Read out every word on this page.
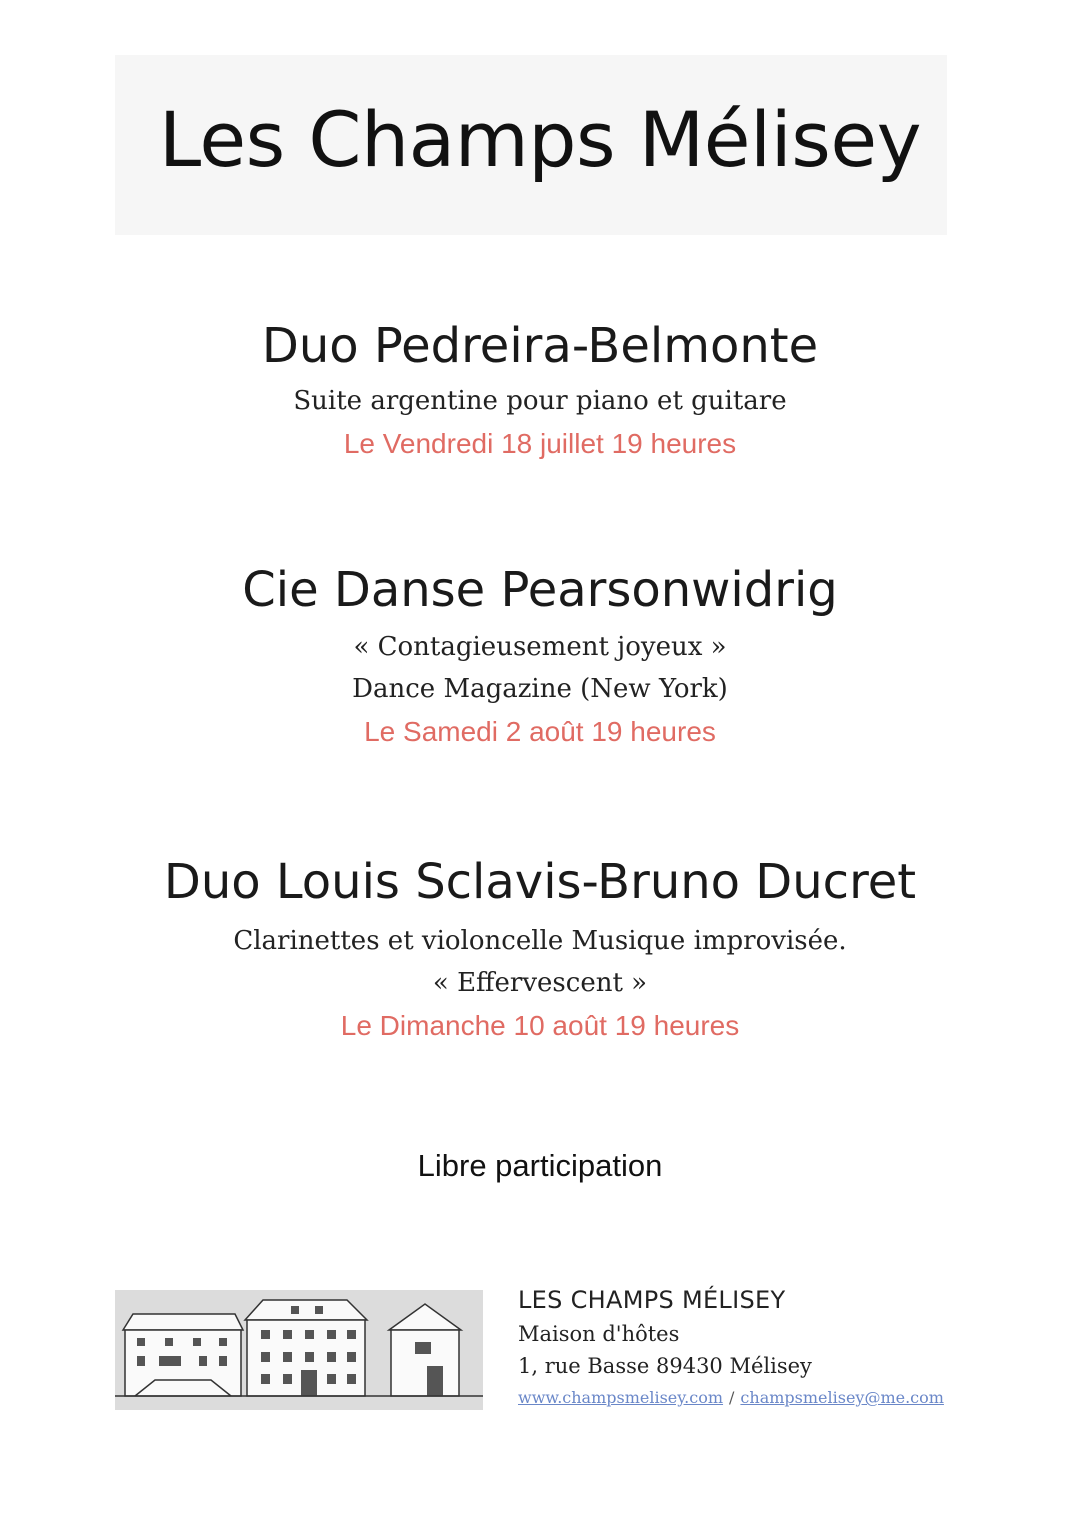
Les Champs Mélisey
Duo Pedreira-Belmonte
Suite argentine pour piano et guitare
Le Vendredi 18 juillet 19 heures
Cie Danse Pearsonwidrig
« Contagieusement joyeux »
Dance Magazine (New York)
Le Samedi 2 août 19 heures
Duo Louis Sclavis-Bruno Ducret
Clarinettes et violoncelle Musique improvisée.
« Effervescent »
Le Dimanche 10 août 19 heures
Libre participation
LES CHAMPS MÉLISEY
Maison d'hôtes
1, rue Basse 89430 Mélisey
www.champsmelisey.com / champsmelisey@me.com
